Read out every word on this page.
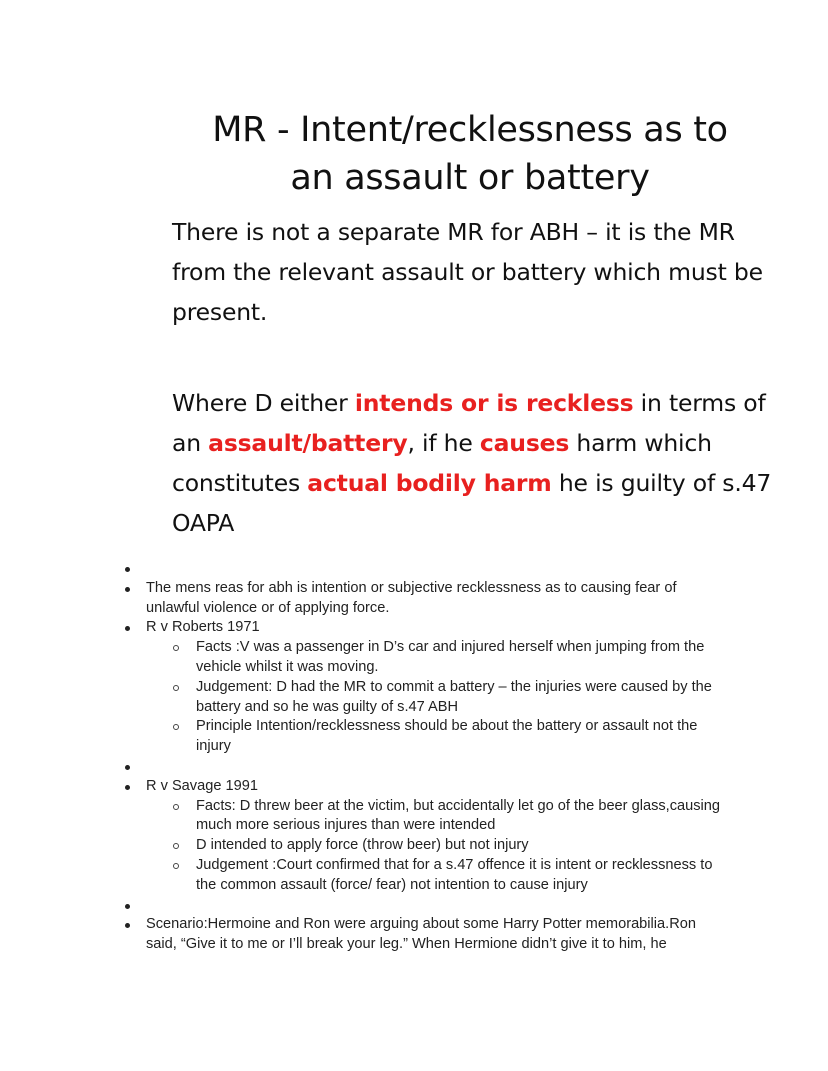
MR - Intent/recklessness as to
an assault or battery
There is not a separate MR for ABH – it is the MR from the relevant assault or battery which must be present.
Where D either intends or is reckless in terms of an assault/battery, if he causes harm which constitutes actual bodily harm he is guilty of s.47 OAPA
The mens reas for abh is intention or subjective recklessness as to causing fear of unlawful violence or of applying force.
R v Roberts 1971
Facts :V was a passenger in D’s car and injured herself when jumping from the vehicle whilst it was moving.
Judgement: D had the MR to commit a battery – the injuries were caused by the battery and so he was guilty of s.47 ABH
Principle Intention/recklessness should be about the battery or assault not the injury
R v Savage 1991
Facts: D threw beer at the victim, but accidentally let go of the beer glass,causing much more serious injures than were intended
D intended to apply force (throw beer) but not injury
Judgement :Court confirmed that for a s.47 offence it is intent or recklessness to the common assault (force/ fear) not intention to cause injury
Scenario:Hermoine and Ron were arguing about some Harry Potter memorabilia.Ron said, “Give it to me or I’ll break your leg.” When Hermione didn’t give it to him, he
